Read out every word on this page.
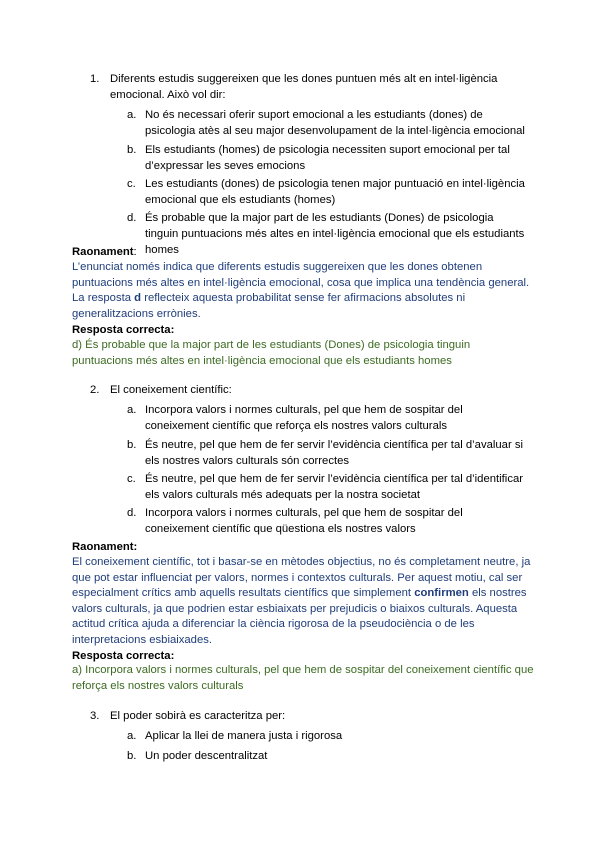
1. Diferents estudis suggereixen que les dones puntuen més alt en intel·ligència emocional. Això vol dir:
a. No és necessari oferir suport emocional a les estudiants (dones) de psicologia atès al seu major desenvolupament de la intel·ligència emocional
b. Els estudiants (homes) de psicologia necessiten suport emocional per tal d’expressar les seves emocions
c. Les estudiants (dones) de psicologia tenen major puntuació en intel·ligència emocional que els estudiants (homes)
d. És probable que la major part de les estudiants (Dones) de psicologia tinguin puntuacions més altes en intel·ligència emocional que els estudiants homes
Raonament:
L’enunciat només indica que diferents estudis suggereixen que les dones obtenen puntuacions més altes en intel·ligència emocional, cosa que implica una tendència general. La resposta d reflecteix aquesta probabilitat sense fer afirmacions absolutes ni generalitzacions errònies.
Resposta correcta:
d) És probable que la major part de les estudiants (Dones) de psicologia tinguin puntuacions més altes en intel·ligència emocional que els estudiants homes
2. El coneixement científic:
a. Incorpora valors i normes culturals, pel que hem de sospitar del coneixement científic que reforça els nostres valors culturals
b. És neutre, pel que hem de fer servir l’evidència científica per tal d’avaluar si els nostres valors culturals són correctes
c. És neutre, pel que hem de fer servir l’evidència científica per tal d’identificar els valors culturals més adequats per la nostra societat
d. Incorpora valors i normes culturals, pel que hem de sospitar del coneixement científic que qüestiona els nostres valors
Raonament:
El coneixement científic, tot i basar-se en mètodes objectius, no és completament neutre, ja que pot estar influenciat per valors, normes i contextos culturals. Per aquest motiu, cal ser especialment crítics amb aquells resultats científics que simplement confirmen els nostres valors culturals, ja que podrien estar esbiaixats per prejudicis o biaixos culturals. Aquesta actitud crítica ajuda a diferenciar la ciència rigorosa de la pseudociència o de les interpretacions esbiaixades.
Resposta correcta:
a) Incorpora valors i normes culturals, pel que hem de sospitar del coneixement científic que reforça els nostres valors culturals
3. El poder sobirà es caracteritza per:
a. Aplicar la llei de manera justa i rigorosa
b. Un poder descentralitzat
